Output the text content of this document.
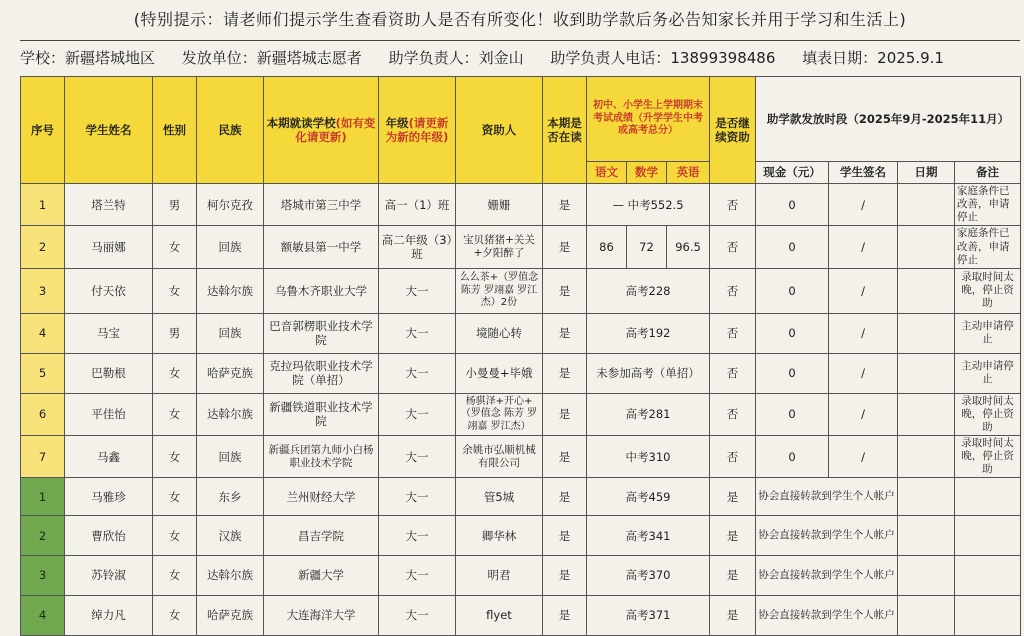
(特别提示：请老师们提示学生查看资助人是否有所变化！收到助学款后务必告知家长并用于学习和生活上)
学校：新疆塔城地区 发放单位：新疆塔城志愿者 助学负责人：刘金山 助学负责人电话：13899398486 填表日期：2025.9.1
序号	学生姓名	性别	民族	本期就读学校(如有变化请更新)	年级(请更新为新的年级)	资助人	本期是否在读	初中、小学生上学期期末考试成绩（升学学生中考或高考总分）			是否继续资助	助学款发放时段（2025年9月-2025年11月）			
								语文	数学	英语		现金（元）	学生签名	日期	备注
1	塔兰特	男	柯尔克孜	塔城市第三中学	高一（1）班	姗姗	是	— 中考552.5			否	0	/		家庭条件已改善，申请停止
2	马丽娜	女	回族	额敏县第一中学	高二年级（3）班	宝贝猪猪+关关+夕阳醉了	是	86	72	96.5	否	0	/		家庭条件已改善，申请停止
3	付天依	女	达斡尔族	乌鲁木齐职业大学	大一	么么茶+（罗值念 陈芳 罗翊嘉 罗江杰）2份	是	高考228			否	0	/		录取时间太晚，停止资助
4	马宝	男	回族	巴音郭楞职业技术学院	大一	境随心转	是	高考192			否	0	/		主动申请停止
5	巴勒根	女	哈萨克族	克拉玛依职业技术学院（单招）	大一	小曼曼+毕娥	是	未参加高考（单招）			否	0	/		主动申请停止
6	平佳怡	女	达斡尔族	新疆铁道职业技术学院	大一	杨骐泽+开心+（罗值念 陈芳 罗翊嘉 罗江杰）	是	高考281			否	0	/		录取时间太晚，停止资助
7	马鑫	女	回族	新疆兵团第九师小白杨职业技术学院	大一	余姚市弘顺机械有限公司	是	中考310			否	0	/		录取时间太晚，停止资助
1	马雅珍	女	东乡	兰州财经大学	大一	管5城	是	高考459			是	协会直接转款到学生个人帐户			
2	曹欣怡	女	汉族	昌吉学院	大一	卿华林	是	高考341			是	协会直接转款到学生个人帐户			
3	苏铃淑	女	达斡尔族	新疆大学	大一	明君	是	高考370			是	协会直接转款到学生个人帐户			
4	绰力凡	女	哈萨克族	大连海洋大学	大一	flyet	是	高考371			是	协会直接转款到学生个人帐户			
